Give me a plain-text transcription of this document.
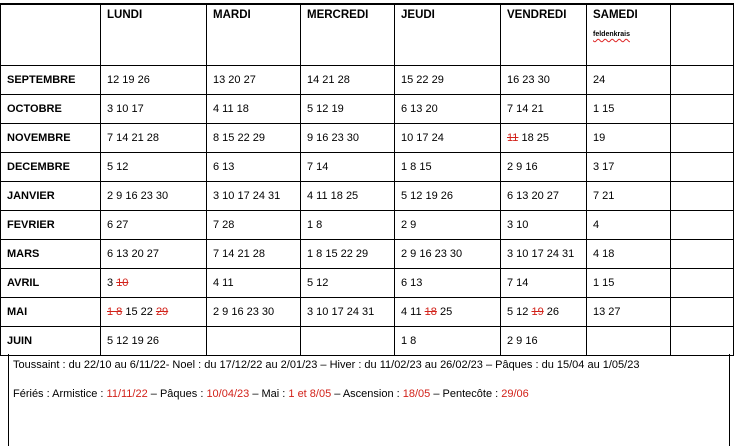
	LUNDI	MARDI	MERCREDI	JEUDI	VENDREDI	SAMEDI
feldenkrais	

SEPTEMBRE	12 19 26	13 20 27	14 21 28	15 22 29	16 23 30	24	
OCTOBRE	3 10 17	4 11 18	5 12 19	6 13 20	7 14 21	1 15	
NOVEMBRE	7 14 21 28	8 15 22 29	9 16 23 30	10 17 24	11 18 25	19	
DECEMBRE	5 12	6 13	7 14	1 8 15	2 9 16	3 17	
JANVIER	2 9 16 23 30	3 10 17 24 31	4 11 18 25	5 12 19 26	6 13 20 27	7 21	
FEVRIER	6 27	7 28	1 8	2 9	3 10	4	
MARS	6 13 20 27	7 14 21 28	1 8 15 22 29	2 9 16 23 30	3 10 17 24 31	4 18	
AVRIL	3 10	4 11	5 12	6 13	7 14	1 15	
MAI	1 8 15 22 29	2 9 16 23 30	3 10 17 24 31	4 11 18 25	5 12 19 26	13 27	
JUIN	5 12 19 26			1 8	2 9 16		

Toussaint : du 22/10 au 6/11/22- Noel : du 17/12/22 au 2/01/23 – Hiver : du 11/02/23 au 26/02/23 – Pâques : du 15/04 au 1/05/23

Fériés : Armistice : 11/11/22 – Pâques : 10/04/23 – Mai : 1 et 8/05 – Ascension : 18/05 – Pentecôte : 29/06
